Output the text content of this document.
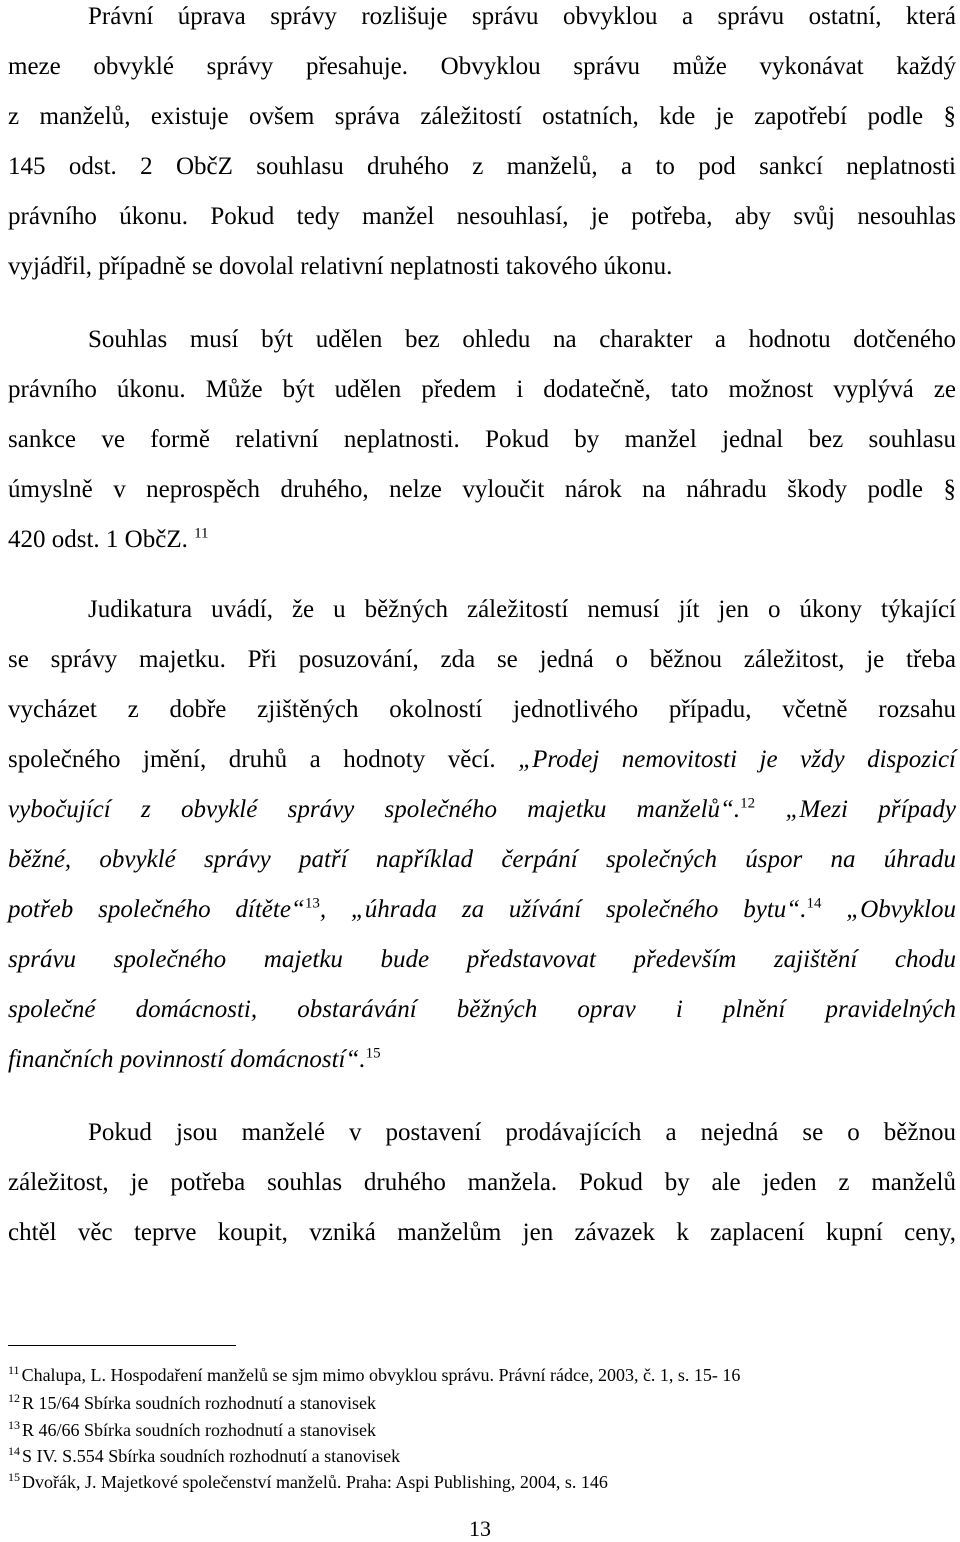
Právní úprava správy rozlišuje správu obvyklou a správu ostatní, která
meze obvyklé správy přesahuje. Obvyklou správu může vykonávat každý
z manželů, existuje ovšem správa záležitostí ostatních, kde je zapotřebí podle §
145 odst. 2 ObčZ souhlasu druhého z manželů, a to pod sankcí neplatnosti
právního úkonu. Pokud tedy manžel nesouhlasí, je potřeba, aby svůj nesouhlas
vyjádřil, případně se dovolal relativní neplatnosti takového úkonu.
Souhlas musí být udělen bez ohledu na charakter a hodnotu dotčeného
právního úkonu. Může být udělen předem i dodatečně, tato možnost vyplývá ze
sankce ve formě relativní neplatnosti. Pokud by manžel jednal bez souhlasu
úmyslně v neprospěch druhého, nelze vyloučit nárok na náhradu škody podle §
420 odst. 1 ObčZ. $^{11}$
Judikatura uvádí, že u běžných záležitostí nemusí jít jen o úkony týkající
se správy majetku. Při posuzování, zda se jedná o běžnou záležitost, je třeba
vycházet z dobře zjištěných okolností jednotlivého případu, včetně rozsahu
společného jmění, druhů a hodnoty věcí. „Prodej nemovitosti je vždy dispozicí
vybočující z obvyklé správy společného majetku manželů“.$^{12}$ „Mezi případy
běžné, obvyklé správy patří například čerpání společných úspor na úhradu
potřeb společného dítěte“$^{13}$, „úhrada za užívání společného bytu“.$^{14}$ „Obvyklou
správu společného majetku bude představovat především zajištění chodu
společné domácnosti, obstarávání běžných oprav i plnění pravidelných
finančních povinností domácností“.$^{15}$
Pokud jsou manželé v postavení prodávajících a nejedná se o běžnou
záležitost, je potřeba souhlas druhého manžela. Pokud by ale jeden z manželů
chtěl věc teprve koupit, vzniká manželům jen závazek k zaplacení kupní ceny,
$^{11}$ Chalupa, L. Hospodaření manželů se sjm mimo obvyklou správu. Právní rádce, 2003, č. 1, s. 15- 16
$^{12}$ R 15/64 Sbírka soudních rozhodnutí a stanovisek
$^{13}$ R 46/66 Sbírka soudních rozhodnutí a stanovisek
$^{14}$ S IV. S.554 Sbírka soudních rozhodnutí a stanovisek
$^{15}$ Dvořák, J. Majetkové společenství manželů. Praha: Aspi Publishing, 2004, s. 146
13
